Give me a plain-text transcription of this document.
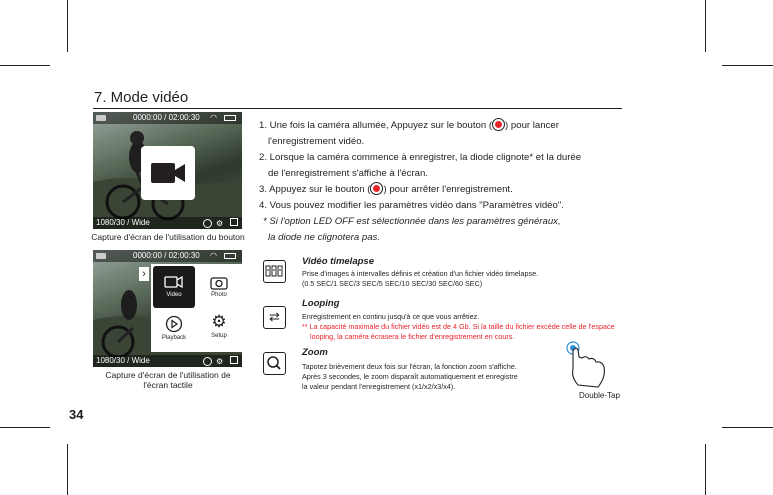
7. Mode vidéo
0000:00 / 02:00:30 ◠
1080/30 / Wide	⚙
Capture d'écran de l'utilisation du bouton
0000:00 / 02:00:30 ◠
›
Video	Photo
Playback
⚙
Setup
1080/30 / Wide	⚙
Capture d'écran de l'utilisation de
l'écran tactile
1. Une fois la caméra allumée, Appuyez sur le bouton ( ) pour lancer
l'enregistrement vidéo.
2. Lorsque la caméra commence à enregistrer, la diode clignote* et la durée
de l'enregistrement s'affiche à l'écran.
3. Appuyez sur le bouton ( ) pour arrêter l'enregistrement.
4. Vous pouvez modifier les paramètres vidéo dans "Paramètres vidéo".
* Si l'option LED OFF est sélectionnée dans les paramètres généraux,
la diode ne clignotera pas.
Vidéo timelapse
Prise d'images à intervalles définis et création d'un fichier vidéo timelapse.
(0.5 SEC/1 SEC/3 SEC/5 SEC/10 SEC/30 SEC/60 SEC)
⇄
Looping
Enregistrement en continu jusqu'à ce que vous arrêtiez.
** La capacité maximale du fichier vidéo est de 4 Gb. Si la taille du fichier excède celle de l'espace
looping, la caméra écrasera le fichier d'enregistrement en cours.
Zoom
Tapotez brièvement deux fois sur l'écran, la fonction zoom s'affiche.
Après 3 secondes, le zoom disparaît automatiquement et enregistre
la valeur pendant l'enregistrement (x1/x2/x3/x4).
Double-Tap
34
